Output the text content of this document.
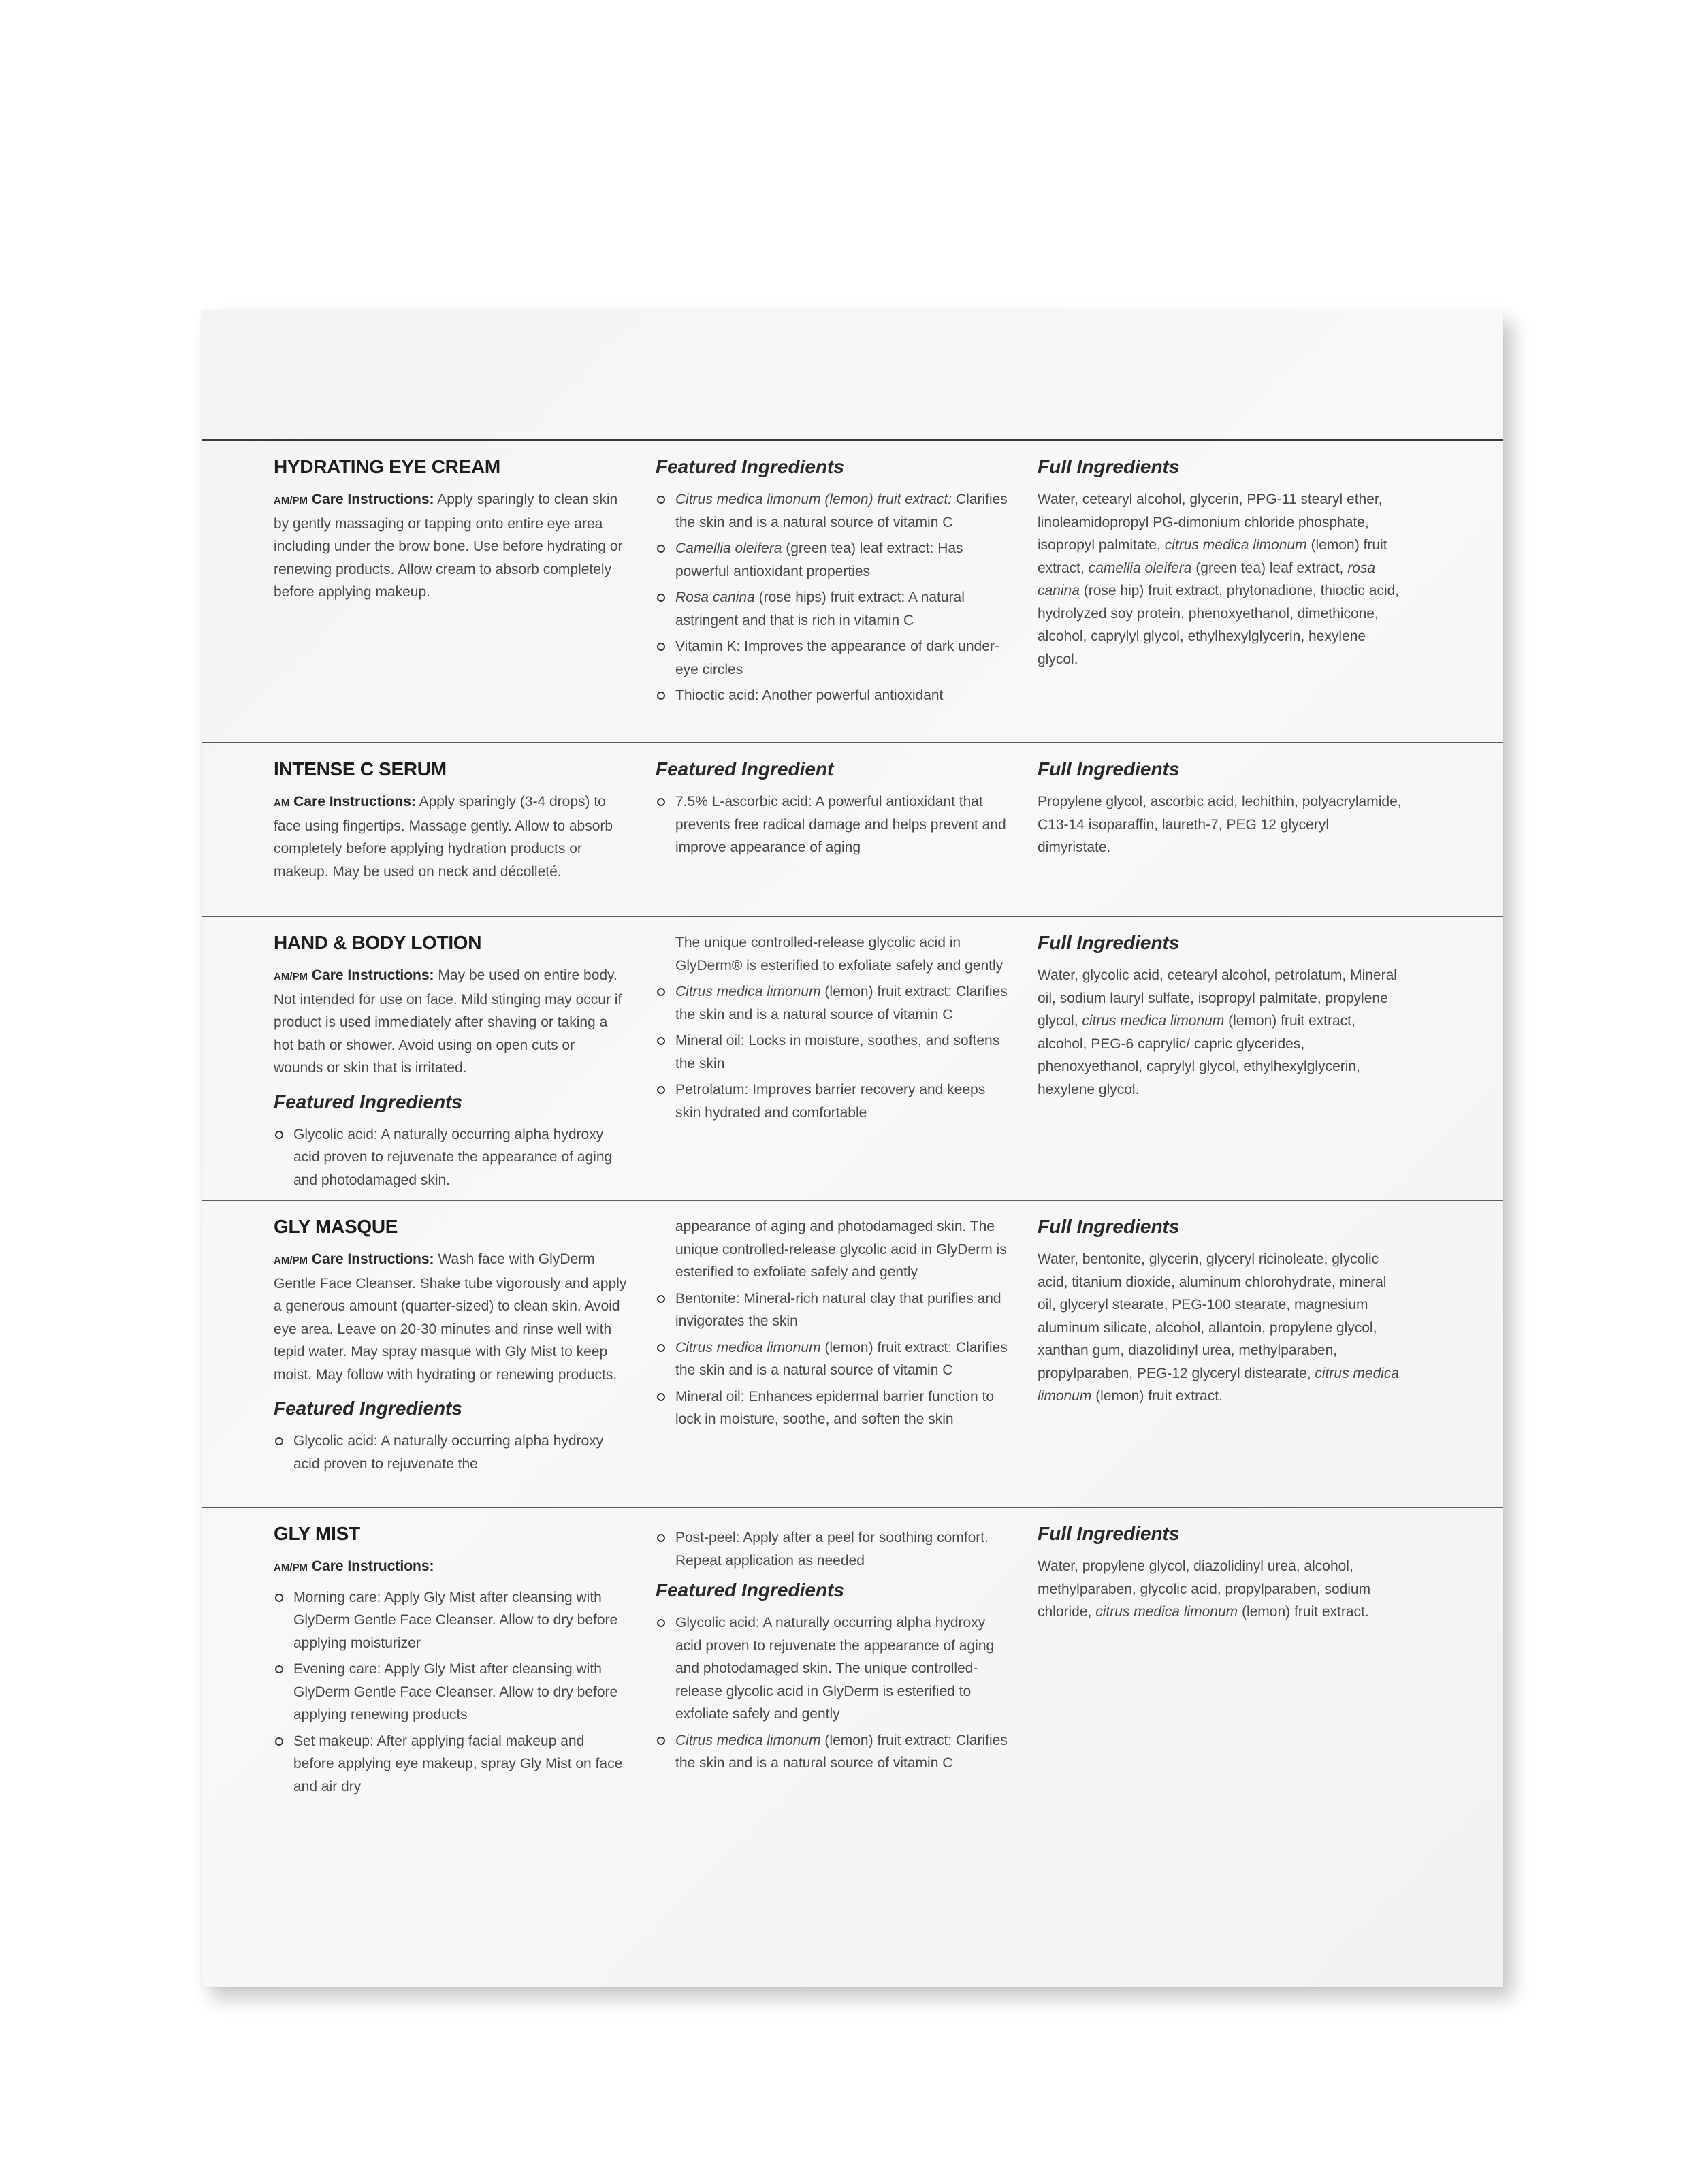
HYDRATING EYE CREAM

AM/PM Care Instructions: Apply sparingly to clean skin by gently massaging or tapping onto entire eye area including under the brow bone. Use before hydrating or renewing products. Allow cream to absorb completely before applying makeup.

Featured Ingredients
Citrus medica limonum (lemon) fruit extract: Clarifies the skin and is a natural source of vitamin C
Camellia oleifera (green tea) leaf extract: Has powerful antioxidant properties
Rosa canina (rose hips) fruit extract: A natural astringent and that is rich in vitamin C
Vitamin K: Improves the appearance of dark under-eye circles
Thioctic acid: Another powerful antioxidant
Full Ingredients

Water, cetearyl alcohol, glycerin, PPG-11 stearyl ether, linoleamidopropyl PG-dimonium chloride phosphate, isopropyl palmitate, citrus medica limonum (lemon) fruit extract, camellia oleifera (green tea) leaf extract, rosa canina (rose hip) fruit extract, phytonadione, thioctic acid, hydrolyzed soy protein, phenoxyethanol, dimethicone, alcohol, caprylyl glycol, ethylhexylglycerin, hexylene glycol.

INTENSE C SERUM

AM Care Instructions: Apply sparingly (3-4 drops) to face using fingertips. Massage gently. Allow to absorb completely before applying hydration products or makeup. May be used on neck and décolleté.

Featured Ingredient
7.5% L-ascorbic acid: A powerful antioxidant that prevents free radical damage and helps prevent and improve appearance of aging
Full Ingredients

Propylene glycol, ascorbic acid, lechithin, polyacrylamide, C13-14 isoparaffin, laureth-7, PEG 12 glyceryl dimyristate.

HAND & BODY LOTION

AM/PM Care Instructions: May be used on entire body. Not intended for use on face. Mild stinging may occur if product is used immediately after shaving or taking a hot bath or shower. Avoid using on open cuts or wounds or skin that is irritated.

Featured Ingredients
Glycolic acid: A naturally occurring alpha hydroxy acid proven to rejuvenate the appearance of aging and photodamaged skin.
The unique controlled-release glycolic acid in GlyDerm® is esterified to exfoliate safely and gently
Citrus medica limonum (lemon) fruit extract: Clarifies the skin and is a natural source of vitamin C
Mineral oil: Locks in moisture, soothes, and softens the skin
Petrolatum: Improves barrier recovery and keeps skin hydrated and comfortable
Full Ingredients

Water, glycolic acid, cetearyl alcohol, petrolatum, Mineral oil, sodium lauryl sulfate, isopropyl palmitate, propylene glycol, citrus medica limonum (lemon) fruit extract, alcohol, PEG-6 caprylic/ capric glycerides, phenoxyethanol, caprylyl glycol, ethylhexylglycerin, hexylene glycol.

GLY MASQUE

AM/PM Care Instructions: Wash face with GlyDerm Gentle Face Cleanser. Shake tube vigorously and apply a generous amount (quarter-sized) to clean skin. Avoid eye area. Leave on 20-30 minutes and rinse well with tepid water. May spray masque with Gly Mist to keep moist. May follow with hydrating or renewing products.

Featured Ingredients
Glycolic acid: A naturally occurring alpha hydroxy acid proven to rejuvenate the
appearance of aging and photodamaged skin. The unique controlled-release glycolic acid in GlyDerm is esterified to exfoliate safely and gently
Bentonite: Mineral-rich natural clay that purifies and invigorates the skin
Citrus medica limonum (lemon) fruit extract: Clarifies the skin and is a natural source of vitamin C
Mineral oil: Enhances epidermal barrier function to lock in moisture, soothe, and soften the skin
Full Ingredients

Water, bentonite, glycerin, glyceryl ricinoleate, glycolic acid, titanium dioxide, aluminum chlorohydrate, mineral oil, glyceryl stearate, PEG-100 stearate, magnesium aluminum silicate, alcohol, allantoin, propylene glycol, xanthan gum, diazolidinyl urea, methylparaben, propylparaben, PEG-12 glyceryl distearate, citrus medica limonum (lemon) fruit extract.

GLY MIST

AM/PM Care Instructions:

Morning care: Apply Gly Mist after cleansing with GlyDerm Gentle Face Cleanser. Allow to dry before applying moisturizer
Evening care: Apply Gly Mist after cleansing with GlyDerm Gentle Face Cleanser. Allow to dry before applying renewing products
Set makeup: After applying facial makeup and before applying eye makeup, spray Gly Mist on face and air dry
Post-peel: Apply after a peel for soothing comfort. Repeat application as needed
Featured Ingredients
Glycolic acid: A naturally occurring alpha hydroxy acid proven to rejuvenate the appearance of aging and photodamaged skin. The unique controlled-release glycolic acid in GlyDerm is esterified to exfoliate safely and gently
Citrus medica limonum (lemon) fruit extract: Clarifies the skin and is a natural source of vitamin C
Full Ingredients

Water, propylene glycol, diazolidinyl urea, alcohol, methylparaben, glycolic acid, propylparaben, sodium chloride, citrus medica limonum (lemon) fruit extract.
